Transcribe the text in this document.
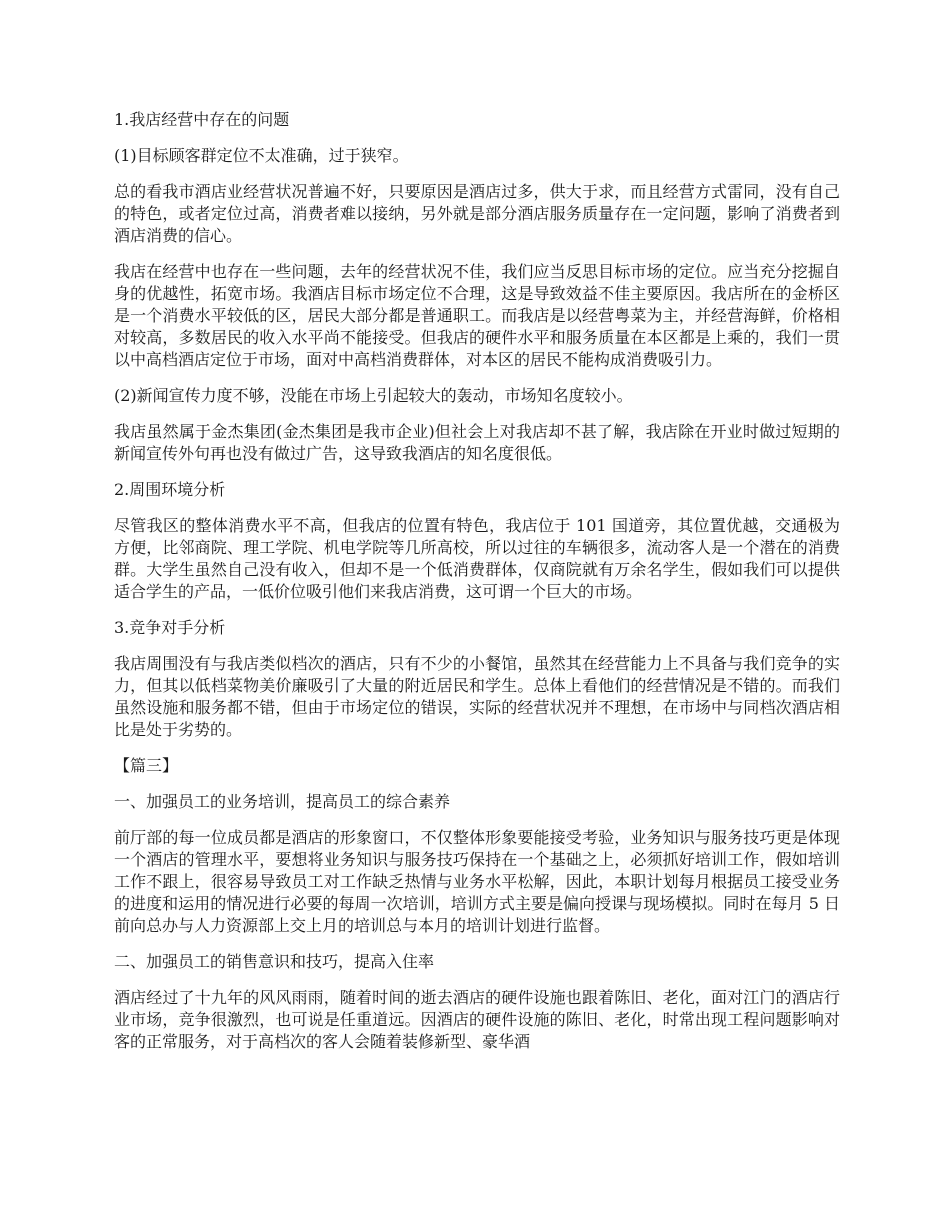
1.我店经营中存在的问题

(1)目标顾客群定位不太准确，过于狭窄。

总的看我市酒店业经营状况普遍不好，只要原因是酒店过多，供大于求，而且经营方式雷同，没有自己的特色，或者定位过高，消费者难以接纳，另外就是部分酒店服务质量存在一定问题，影响了消费者到酒店消费的信心。

我店在经营中也存在一些问题，去年的经营状况不佳，我们应当反思目标市场的定位。应当充分挖掘自身的优越性，拓宽市场。我酒店目标市场定位不合理，这是导致效益不佳主要原因。我店所在的金桥区是一个消费水平较低的区，居民大部分都是普通职工。而我店是以经营粤菜为主，并经营海鲜，价格相对较高，多数居民的收入水平尚不能接受。但我店的硬件水平和服务质量在本区都是上乘的，我们一贯以中高档酒店定位于市场，面对中高档消费群体，对本区的居民不能构成消费吸引力。

(2)新闻宣传力度不够，没能在市场上引起较大的轰动，市场知名度较小。

我店虽然属于金杰集团(金杰集团是我市企业)但社会上对我店却不甚了解，我店除在开业时做过短期的新闻宣传外句再也没有做过广告，这导致我酒店的知名度很低。

2.周围环境分析

尽管我区的整体消费水平不高，但我店的位置有特色，我店位于 101 国道旁，其位置优越，交通极为方便，比邻商院、理工学院、机电学院等几所高校，所以过往的车辆很多，流动客人是一个潜在的消费群。大学生虽然自己没有收入，但却不是一个低消费群体，仅商院就有万余名学生，假如我们可以提供适合学生的产品，一低价位吸引他们来我店消费，这可谓一个巨大的市场。

3.竞争对手分析

我店周围没有与我店类似档次的酒店，只有不少的小餐馆，虽然其在经营能力上不具备与我们竞争的实力，但其以低档菜物美价廉吸引了大量的附近居民和学生。总体上看他们的经营情况是不错的。而我们虽然设施和服务都不错，但由于市场定位的错误，实际的经营状况并不理想，在市场中与同档次酒店相比是处于劣势的。

【篇三】

一、加强员工的业务培训，提高员工的综合素养

前厅部的每一位成员都是酒店的形象窗口，不仅整体形象要能接受考验，业务知识与服务技巧更是体现一个酒店的管理水平，要想将业务知识与服务技巧保持在一个基础之上，必须抓好培训工作，假如培训工作不跟上，很容易导致员工对工作缺乏热情与业务水平松解，因此，本职计划每月根据员工接受业务的进度和运用的情况进行必要的每周一次培训，培训方式主要是偏向授课与现场模拟。同时在每月 5 日前向总办与人力资源部上交上月的培训总与本月的培训计划进行监督。

二、加强员工的销售意识和技巧，提高入住率

酒店经过了十九年的风风雨雨，随着时间的逝去酒店的硬件设施也跟着陈旧、老化，面对江门的酒店行业市场，竞争很激烈，也可说是任重道远。因酒店的硬件设施的陈旧、老化，时常出现工程问题影响对客的正常服务，对于高档次的客人会随着装修新型、豪华酒
